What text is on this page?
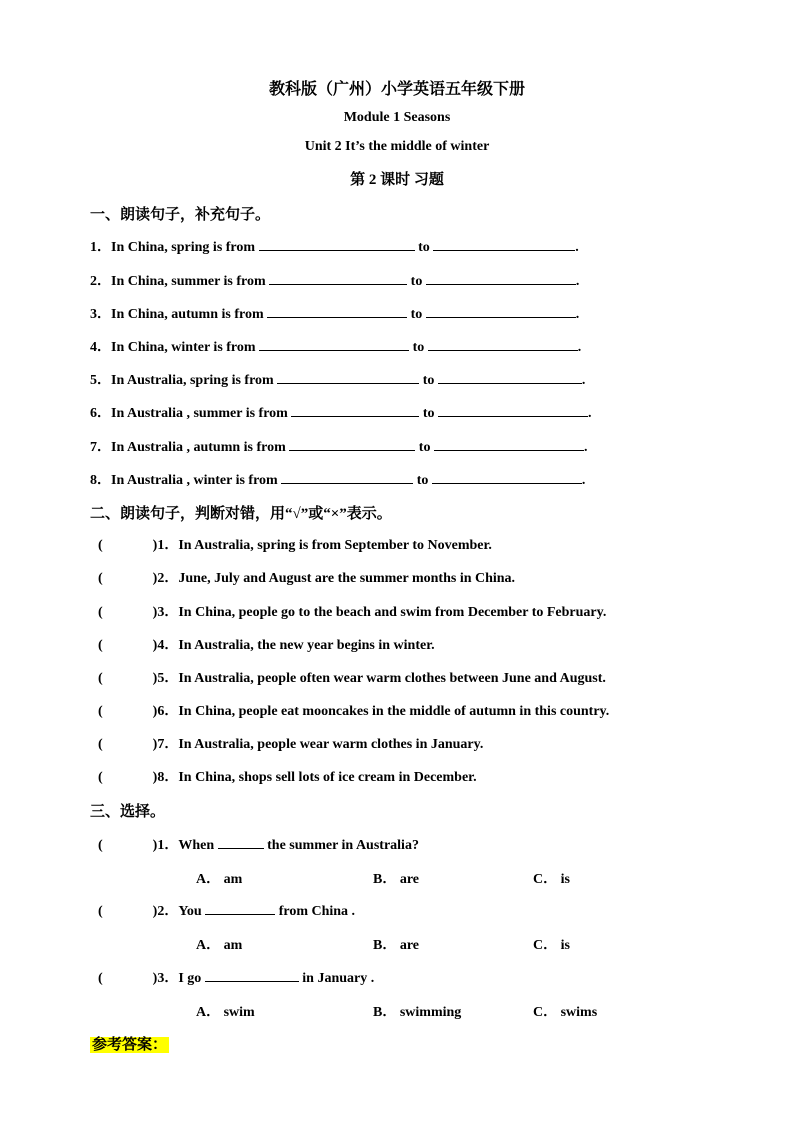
教科版（广州）小学英语五年级下册
Module 1 Seasons
Unit 2 It’s the middle of winter
第 2 课时 习题
一、朗读句子，补充句子。
1．In China, spring is from	to	.
2．In China, summer is from	to	.
3．In China, autumn is from	to	.
4．In China, winter is from	to	.
5．In Australia, spring is from	to	.
6．In Australia , summer is from	to	.
7．In Australia , autumn is from	to	.
8．In Australia , winter is from	to	.
二、朗读句子，判断对错，用“√”或“×”表示。
(	)1．In Australia, spring is from September to November.
(	)2．June, July and August are the summer months in China.
(	)3．In China, people go to the beach and swim from December to February.
(	)4．In Australia, the new year begins in winter.
(	)5．In Australia, people often wear warm clothes between June and August.
(	)6．In China, people eat mooncakes in the middle of autumn in this country.
(	)7．In Australia, people wear warm clothes in January.
(	)8．In China, shops sell lots of ice cream in December.
三、选择。
(	)1．When	the summer in Australia?
A． am	B． are	C． is
(	)2．You	from China .
A． am	B． are	C． is
(	)3．I go	in January .
A． swim	B． swimming	C． swims
参考答案：
